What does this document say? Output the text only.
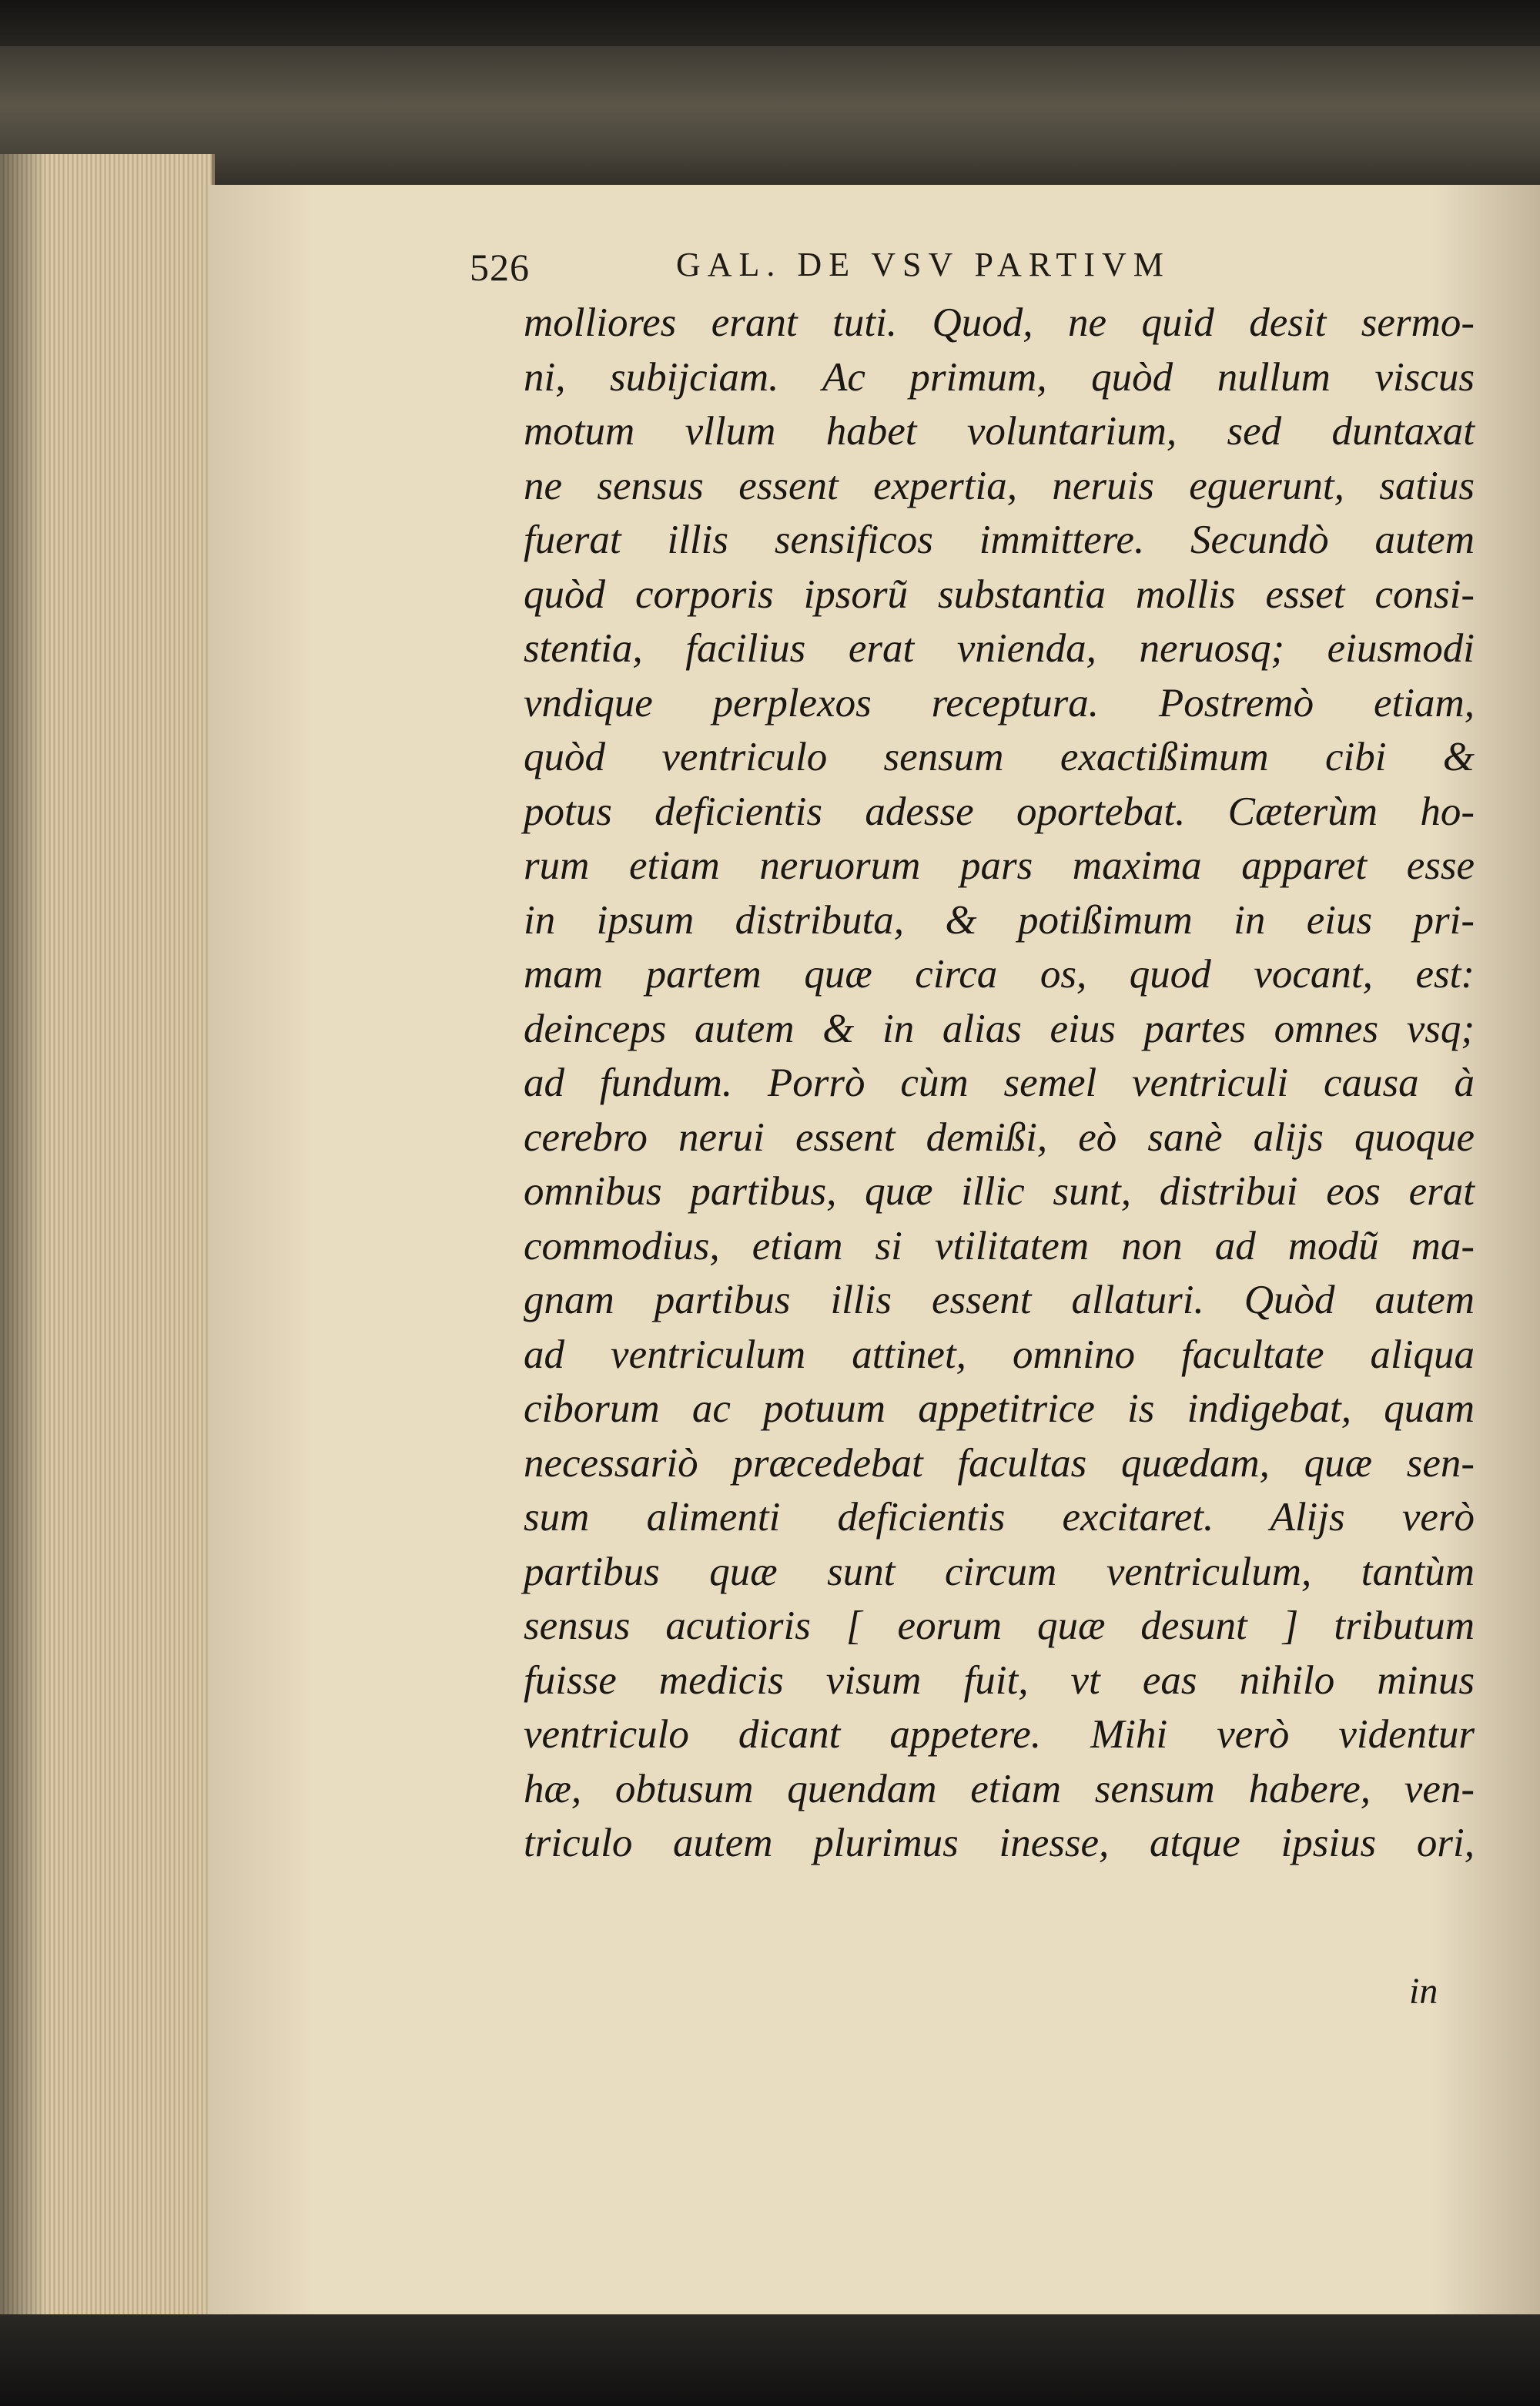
526	GAL. DE VSV PARTIVM
molliores erant tuti. Quod, ne quid desit sermo-
ni, subijciam. Ac primum, quòd nullum viscus
motum vllum habet voluntarium, sed duntaxat
ne sensus essent expertia, neruis eguerunt, satius
fuerat illis sensificos immittere. Secundò autem
quòd corporis ipsorũ substantia mollis esset consi-
stentia, facilius erat vnienda, neruosq; eiusmodi
vndique perplexos receptura. Postremò etiam,
quòd ventriculo sensum exactißimum cibi &
potus deficientis adesse oportebat. Cæterùm ho-
rum etiam neruorum pars maxima apparet esse
in ipsum distributa, & potißimum in eius pri-
mam partem quæ circa os, quod vocant, est:
deinceps autem & in alias eius partes omnes vsq;
ad fundum. Porrò cùm semel ventriculi causa à
cerebro nerui essent demißi, eò sanè alijs quoque
omnibus partibus, quæ illic sunt, distribui eos erat
commodius, etiam si vtilitatem non ad modũ ma-
gnam partibus illis essent allaturi. Quòd autem
ad ventriculum attinet, omnino facultate aliqua
ciborum ac potuum appetitrice is indigebat, quam
necessariò præcedebat facultas quædam, quæ sen-
sum alimenti deficientis excitaret. Alijs verò
partibus quæ sunt circum ventriculum, tantùm
sensus acutioris [ eorum quæ desunt ] tributum
fuisse medicis visum fuit, vt eas nihilo minus
ventriculo dicant appetere. Mihi verò videntur
hæ, obtusum quendam etiam sensum habere, ven-
triculo autem plurimus inesse, atque ipsius ori,
in
